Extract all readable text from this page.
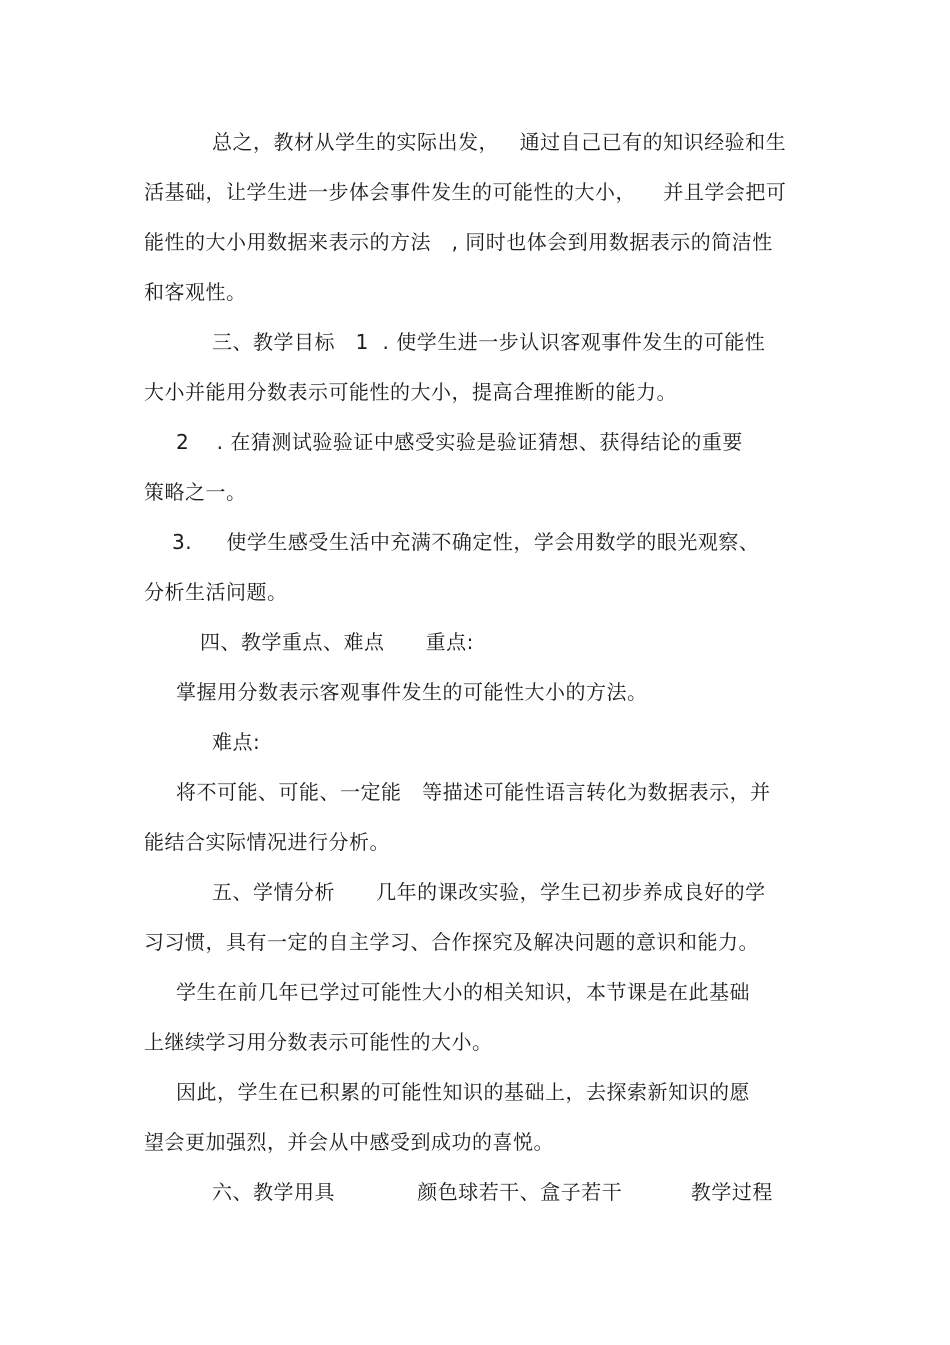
总之，教材从学生的实际出发，   通过自己已有的知识经验和生
活基础，让学生进一步体会事件发生的可能性的大小，    并且学会把可
能性的大小用数据来表示的方法   , 同时也体会到用数据表示的简洁性
和客观性。
三、教学目标   1  . 使学生进一步认识客观事件发生的可能性
大小并能用分数表示可能性的大小，提高合理推断的能力。
2    . 在猜测试验验证中感受实验是验证猜想、获得结论的重要
策略之一。
3.     使学生感受生活中充满不确定性，学会用数学的眼光观察、
分析生活问题。
四、教学重点、难点      重点:
掌握用分数表示客观事件发生的可能性大小的方法。
难点:
将不可能、可能、一定能   等描述可能性语言转化为数据表示，并
能结合实际情况进行分析。
五、学情分析      几年的课改实验，学生已初步养成良好的学
习习惯，具有一定的自主学习、合作探究及解决问题的意识和能力。
学生在前几年已学过可能性大小的相关知识，本节课是在此基础
上继续学习用分数表示可能性的大小。
因此，学生在已积累的可能性知识的基础上，去探索新知识的愿
望会更加强烈，并会从中感受到成功的喜悦。
六、教学用具            颜色球若干、盒子若干          教学过程
